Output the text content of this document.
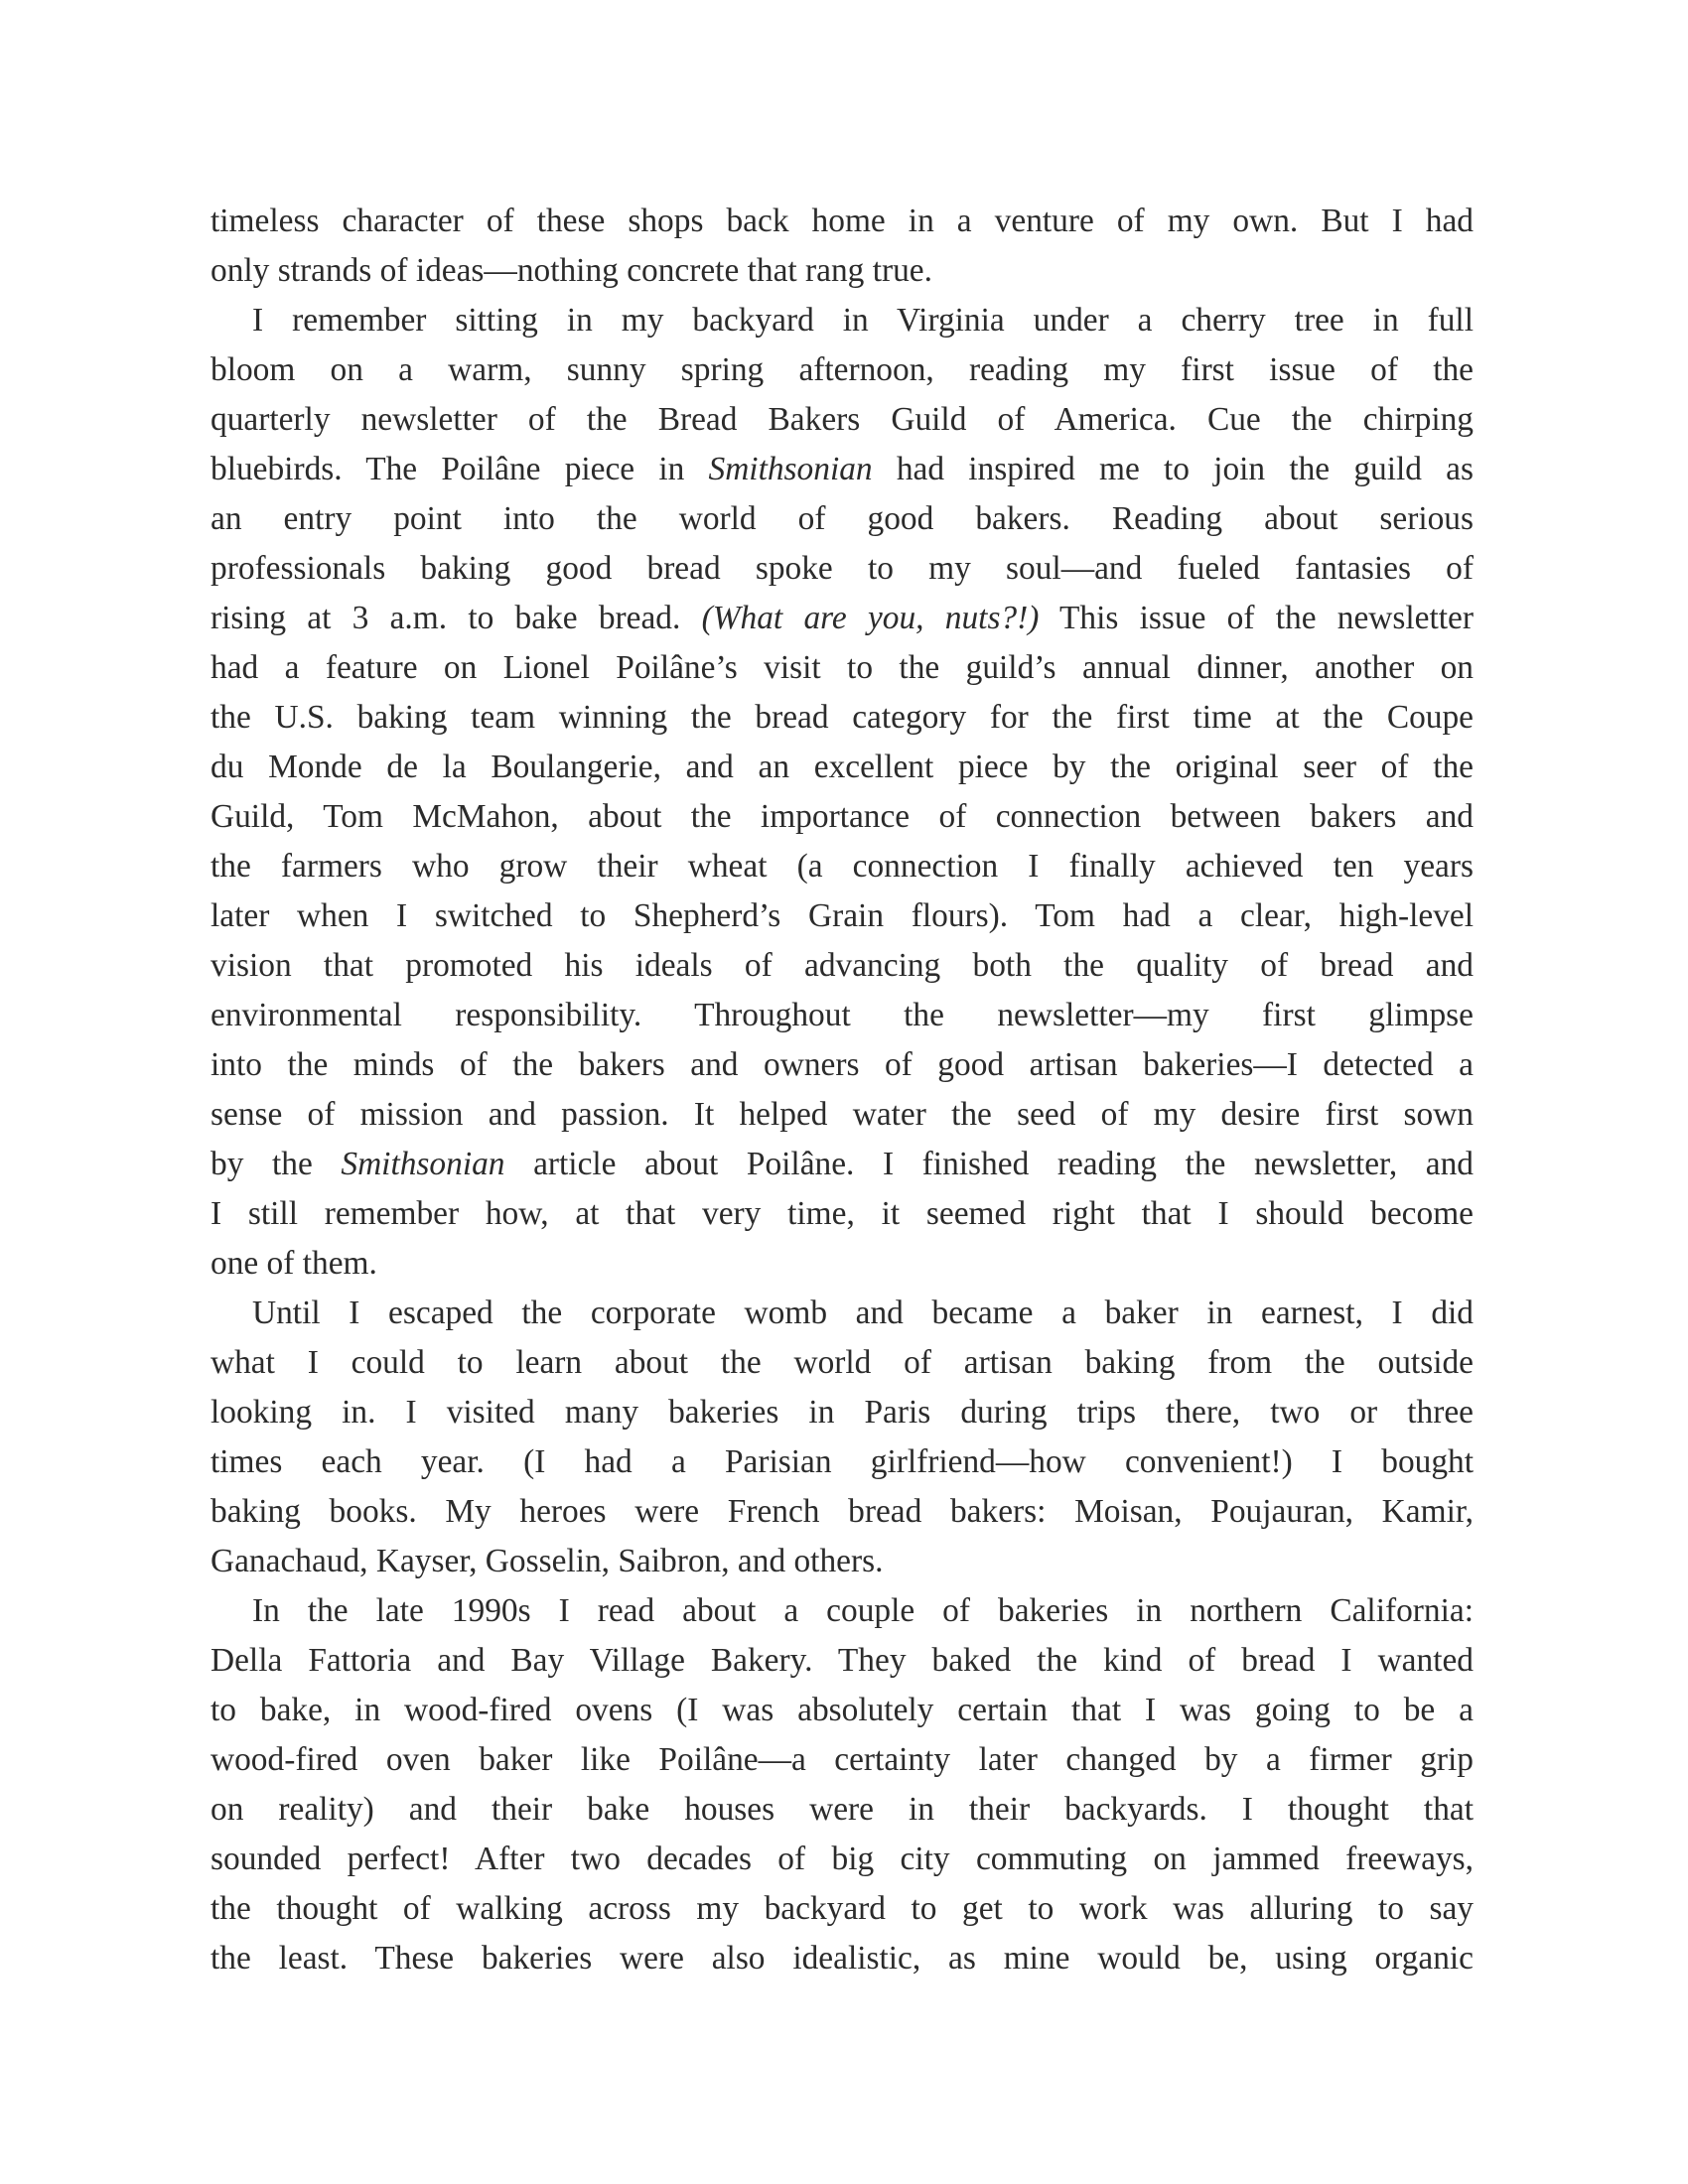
timeless character of these shops back home in a venture of my own. But I had
only strands of ideas—nothing concrete that rang true.
I remember sitting in my backyard in Virginia under a cherry tree in full
bloom on a warm, sunny spring afternoon, reading my first issue of the
quarterly newsletter of the Bread Bakers Guild of America. Cue the chirping
bluebirds. The Poilâne piece in Smithsonian had inspired me to join the guild as
an entry point into the world of good bakers. Reading about serious
professionals baking good bread spoke to my soul—and fueled fantasies of
rising at 3 a.m. to bake bread. (What are you, nuts?!) This issue of the newsletter
had a feature on Lionel Poilâne’s visit to the guild’s annual dinner, another on
the U.S. baking team winning the bread category for the first time at the Coupe
du Monde de la Boulangerie, and an excellent piece by the original seer of the
Guild, Tom McMahon, about the importance of connection between bakers and
the farmers who grow their wheat (a connection I finally achieved ten years
later when I switched to Shepherd’s Grain flours). Tom had a clear, high-level
vision that promoted his ideals of advancing both the quality of bread and
environmental responsibility. Throughout the newsletter—my first glimpse
into the minds of the bakers and owners of good artisan bakeries—I detected a
sense of mission and passion. It helped water the seed of my desire first sown
by the Smithsonian article about Poilâne. I finished reading the newsletter, and
I still remember how, at that very time, it seemed right that I should become
one of them.
Until I escaped the corporate womb and became a baker in earnest, I did
what I could to learn about the world of artisan baking from the outside
looking in. I visited many bakeries in Paris during trips there, two or three
times each year. (I had a Parisian girlfriend—how convenient!) I bought
baking books. My heroes were French bread bakers: Moisan, Poujauran, Kamir,
Ganachaud, Kayser, Gosselin, Saibron, and others.
In the late 1990s I read about a couple of bakeries in northern California:
Della Fattoria and Bay Village Bakery. They baked the kind of bread I wanted
to bake, in wood-fired ovens (I was absolutely certain that I was going to be a
wood-fired oven baker like Poilâne—a certainty later changed by a firmer grip
on reality) and their bake houses were in their backyards. I thought that
sounded perfect! After two decades of big city commuting on jammed freeways,
the thought of walking across my backyard to get to work was alluring to say
the least. These bakeries were also idealistic, as mine would be, using organic
